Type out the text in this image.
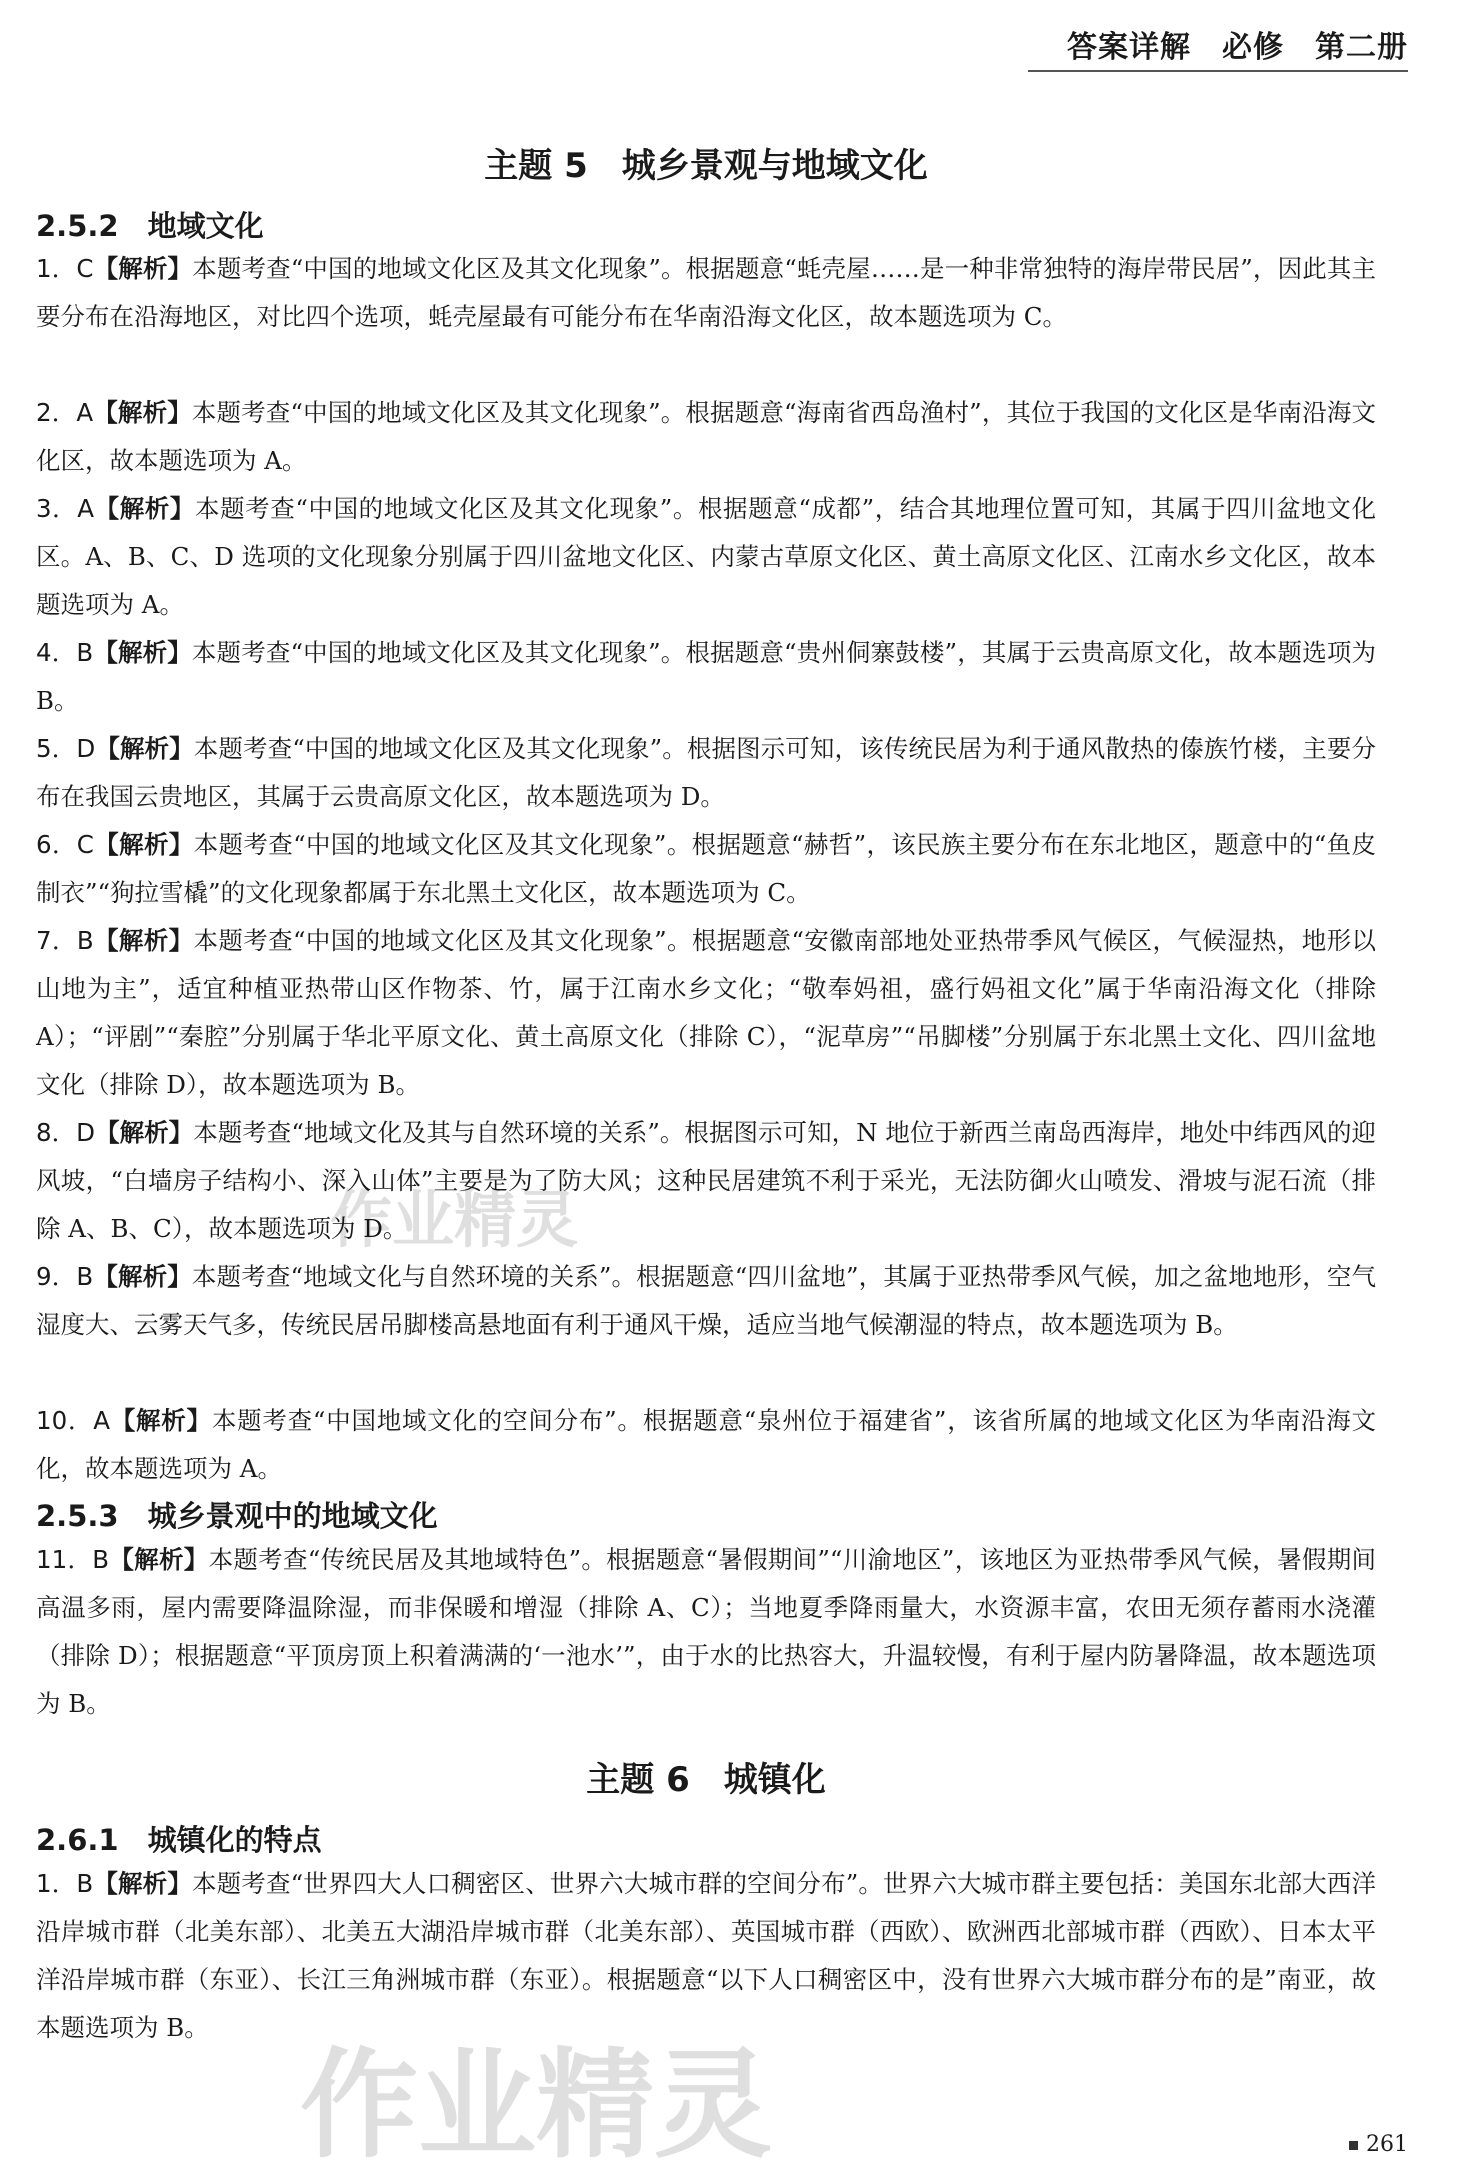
答案详解　必修　第二册
主题 5　城乡景观与地域文化
2.5.2　地域文化
1．C【解析】本题考查“中国的地域文化区及其文化现象”。根据题意“蚝壳屋……是一种非常独特的海岸带民居”，因此其主要分布在沿海地区，对比四个选项，蚝壳屋最有可能分布在华南沿海文化区，故本题选项为 C。
2．A【解析】本题考查“中国的地域文化区及其文化现象”。根据题意“海南省西岛渔村”，其位于我国的文化区是华南沿海文化区，故本题选项为 A。
3．A【解析】本题考查“中国的地域文化区及其文化现象”。根据题意“成都”，结合其地理位置可知，其属于四川盆地文化区。A、B、C、D 选项的文化现象分别属于四川盆地文化区、内蒙古草原文化区、黄土高原文化区、江南水乡文化区，故本题选项为 A。
4．B【解析】本题考查“中国的地域文化区及其文化现象”。根据题意“贵州侗寨鼓楼”，其属于云贵高原文化，故本题选项为 B。
5．D【解析】本题考查“中国的地域文化区及其文化现象”。根据图示可知，该传统民居为利于通风散热的傣族竹楼，主要分布在我国云贵地区，其属于云贵高原文化区，故本题选项为 D。
6．C【解析】本题考查“中国的地域文化区及其文化现象”。根据题意“赫哲”，该民族主要分布在东北地区，题意中的“鱼皮制衣”“狗拉雪橇”的文化现象都属于东北黑土文化区，故本题选项为 C。
7．B【解析】本题考查“中国的地域文化区及其文化现象”。根据题意“安徽南部地处亚热带季风气候区，气候湿热，地形以山地为主”，适宜种植亚热带山区作物茶、竹，属于江南水乡文化；“敬奉妈祖，盛行妈祖文化”属于华南沿海文化（排除 A）；“评剧”“秦腔”分别属于华北平原文化、黄土高原文化（排除 C），“泥草房”“吊脚楼”分别属于东北黑土文化、四川盆地文化（排除 D），故本题选项为 B。
8．D【解析】本题考查“地域文化及其与自然环境的关系”。根据图示可知，N 地位于新西兰南岛西海岸，地处中纬西风的迎风坡，“白墙房子结构小、深入山体”主要是为了防大风；这种民居建筑不利于采光，无法防御火山喷发、滑坡与泥石流（排除 A、B、C），故本题选项为 D。
9．B【解析】本题考查“地域文化与自然环境的关系”。根据题意“四川盆地”，其属于亚热带季风气候，加之盆地地形，空气湿度大、云雾天气多，传统民居吊脚楼高悬地面有利于通风干燥，适应当地气候潮湿的特点，故本题选项为 B。
10．A【解析】本题考查“中国地域文化的空间分布”。根据题意“泉州位于福建省”，该省所属的地域文化区为华南沿海文化，故本题选项为 A。
2.5.3　城乡景观中的地域文化
11．B【解析】本题考查“传统民居及其地域特色”。根据题意“暑假期间”“川渝地区”，该地区为亚热带季风气候，暑假期间高温多雨，屋内需要降温除湿，而非保暖和增湿（排除 A、C）；当地夏季降雨量大，水资源丰富，农田无须存蓄雨水浇灌（排除 D）；根据题意“平顶房顶上积着满满的‘一池水’”，由于水的比热容大，升温较慢，有利于屋内防暑降温，故本题选项为 B。
主题 6　城镇化
2.6.1　城镇化的特点
1．B【解析】本题考查“世界四大人口稠密区、世界六大城市群的空间分布”。世界六大城市群主要包括：美国东北部大西洋沿岸城市群（北美东部）、北美五大湖沿岸城市群（北美东部）、英国城市群（西欧）、欧洲西北部城市群（西欧）、日本太平洋沿岸城市群（东亚）、长江三角洲城市群（东亚）。根据题意“以下人口稠密区中，没有世界六大城市群分布的是”南亚，故本题选项为 B。
作业精灵
作业精灵	261
